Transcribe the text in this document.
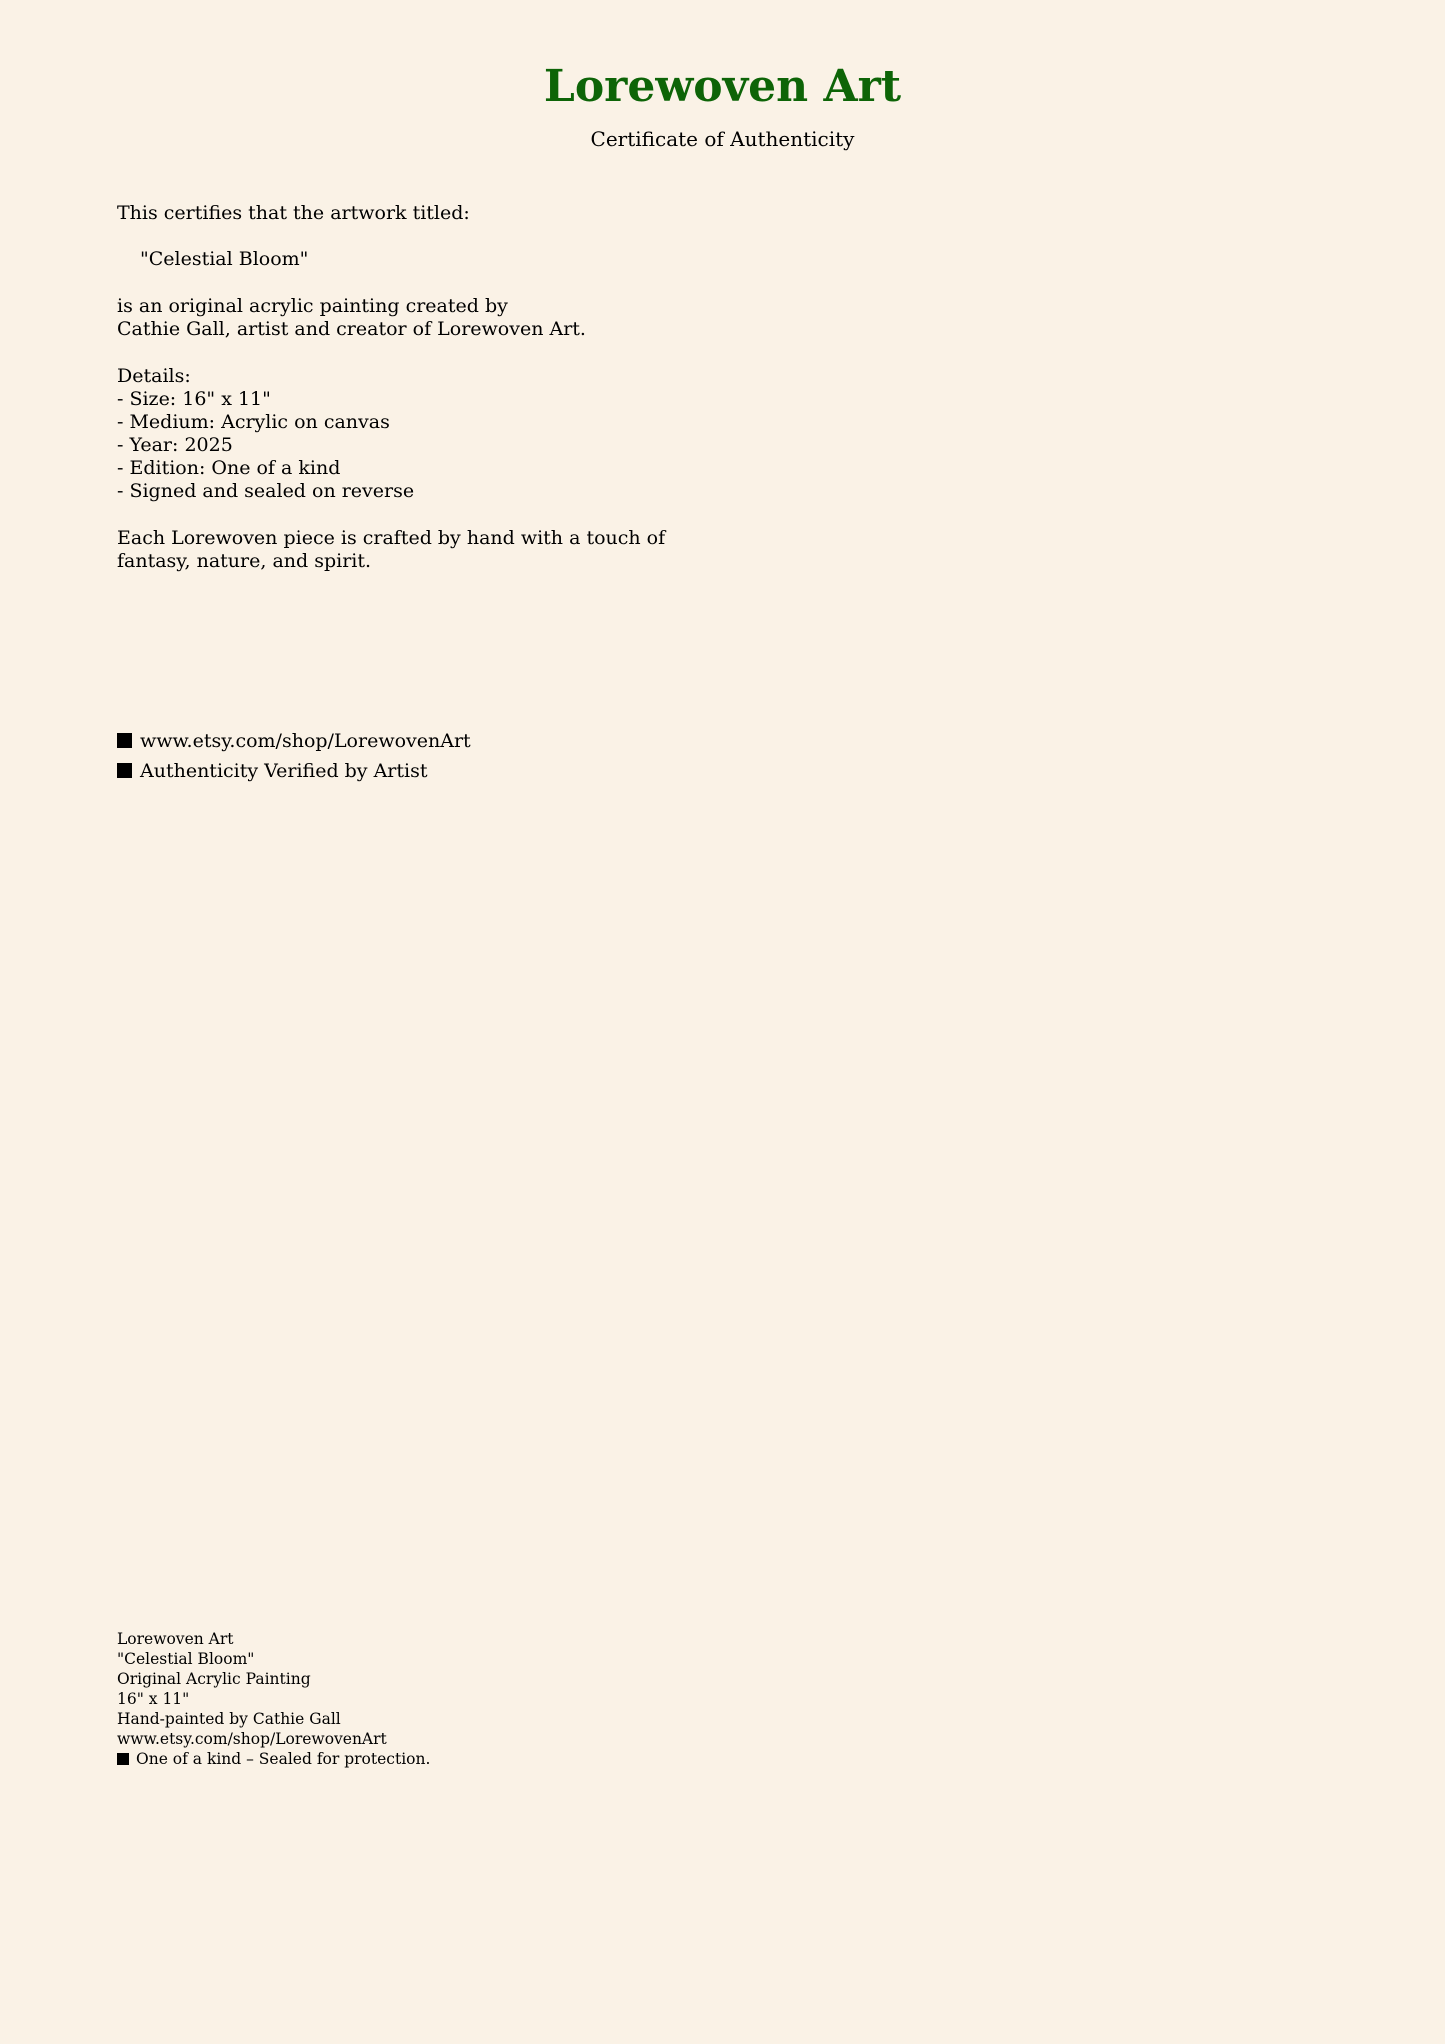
Lorewoven Art
Certificate of Authenticity
This certifies that the artwork titled:
"Celestial Bloom"
is an original acrylic painting created by
Cathie Gall, artist and creator of Lorewoven Art.
Details:
- Size: 16" x 11"
- Medium: Acrylic on canvas
- Year: 2025
- Edition: One of a kind
- Signed and sealed on reverse
Each Lorewoven piece is crafted by hand with a touch of
fantasy, nature, and spirit.
www.etsy.com/shop/LorewovenArt
Authenticity Verified by Artist
Lorewoven Art
"Celestial Bloom"
Original Acrylic Painting
16" x 11"
Hand-painted by Cathie Gall
www.etsy.com/shop/LorewovenArt
One of a kind – Sealed for protection.
